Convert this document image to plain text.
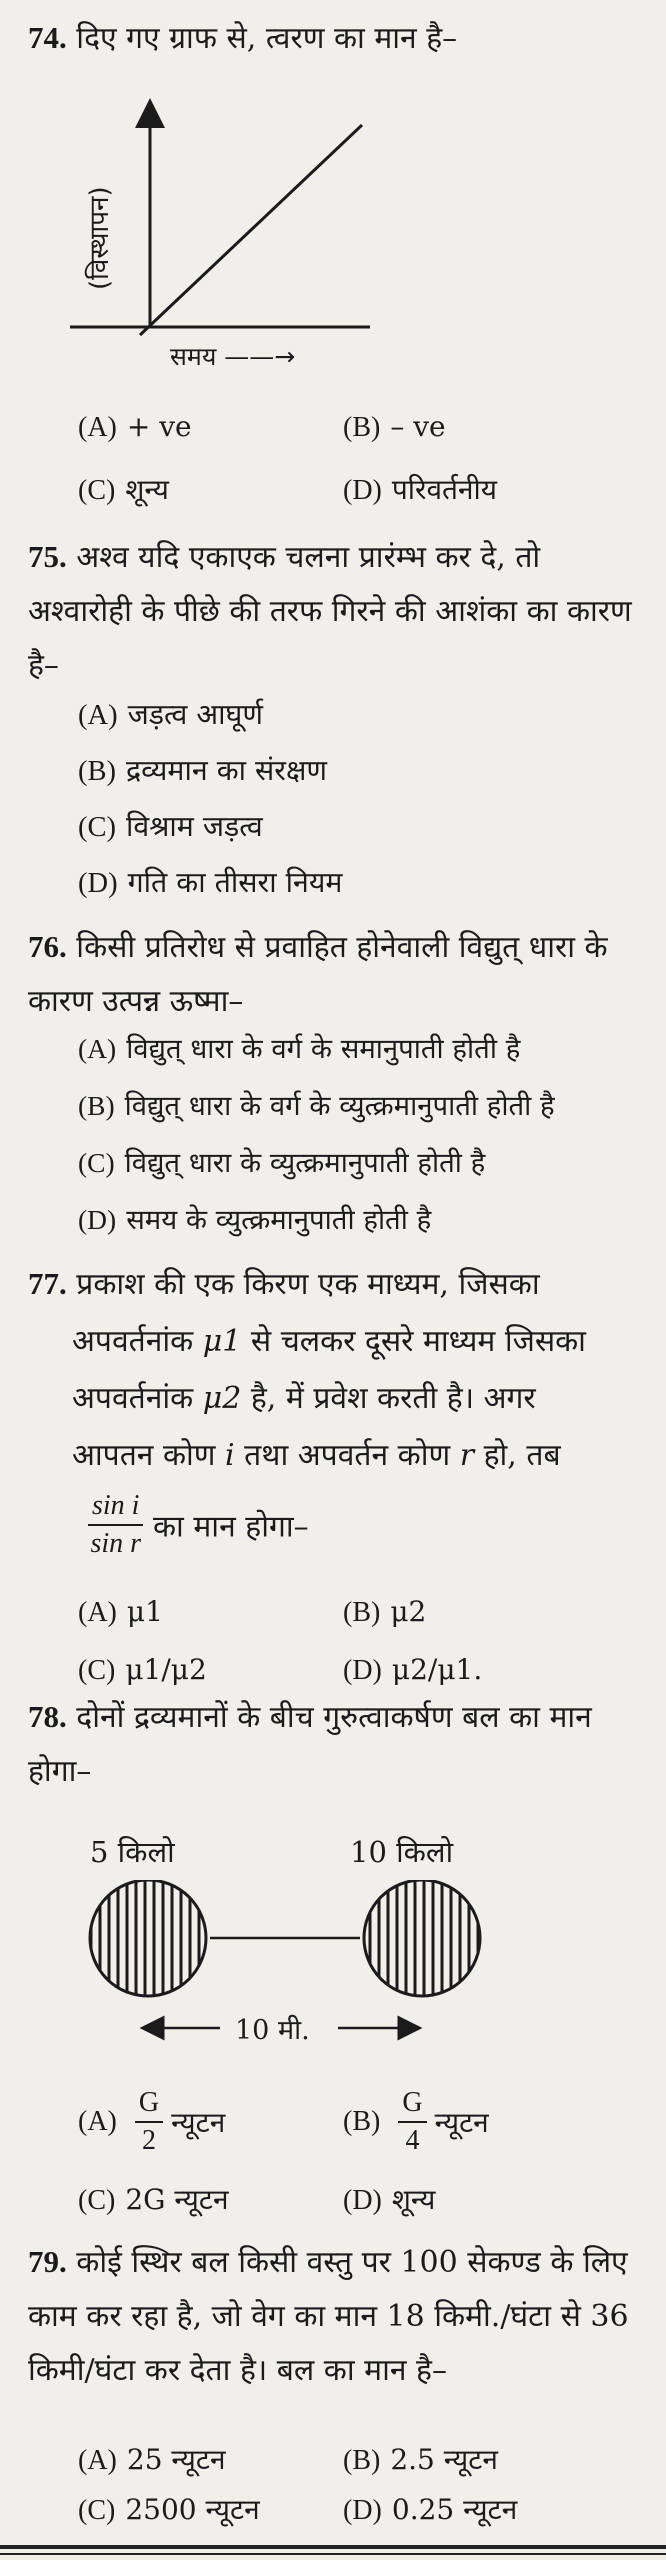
74. दिए गए ग्राफ से, त्वरण का मान है–
(विस्थापन)
समय ——→
(A) + ve	(B) – ve
(C) शून्य	(D) परिवर्तनीय
75. अश्व यदि एकाएक चलना प्रारंम्भ कर दे, तो अश्वारोही के पीछे की तरफ गिरने की आशंका का कारण है–
(A) जड़त्व आघूर्ण
(B) द्रव्यमान का संरक्षण
(C) विश्राम जड़त्व
(D) गति का तीसरा नियम
76. किसी प्रतिरोध से प्रवाहित होनेवाली विद्युत् धारा के कारण उत्पन्न ऊष्मा–
(A) विद्युत् धारा के वर्ग के समानुपाती होती है
(B) विद्युत् धारा के वर्ग के व्युत्क्रमानुपाती होती है
(C) विद्युत् धारा के व्युत्क्रमानुपाती होती है
(D) समय के व्युत्क्रमानुपाती होती है
77. प्रकाश की एक किरण एक माध्यम, जिसका
अपवर्तनांक μ1 से चलकर दूसरे माध्यम जिसका
अपवर्तनांक μ2 है, में प्रवेश करती है। अगर
आपतन कोण i तथा अपवर्तन कोण r हो, तब
$\frac{\text{sin i}}{\text{sin r}}$ का मान होगा–
(A) μ1	(B) μ2
(C) μ1/μ2	(D) μ2/μ1.
78. दोनों द्रव्यमानों के बीच गुरुत्वाकर्षण बल का मान होगा–
5 किलो	10 किलो
10 मी.
$(A) \frac{G}{2}$ न्यूटन	$(B) \frac{G}{4}$ न्यूटन
(C) 2G न्यूटन	(D) शून्य
79. कोई स्थिर बल किसी वस्तु पर 100 सेकण्ड के लिए काम कर रहा है, जो वेग का मान 18 किमी./घंटा से 36 किमी/घंटा कर देता है। बल का मान है–
(A) 25 न्यूटन	(B) 2.5 न्यूटन
(C) 2500 न्यूटन	(D) 0.25 न्यूटन
